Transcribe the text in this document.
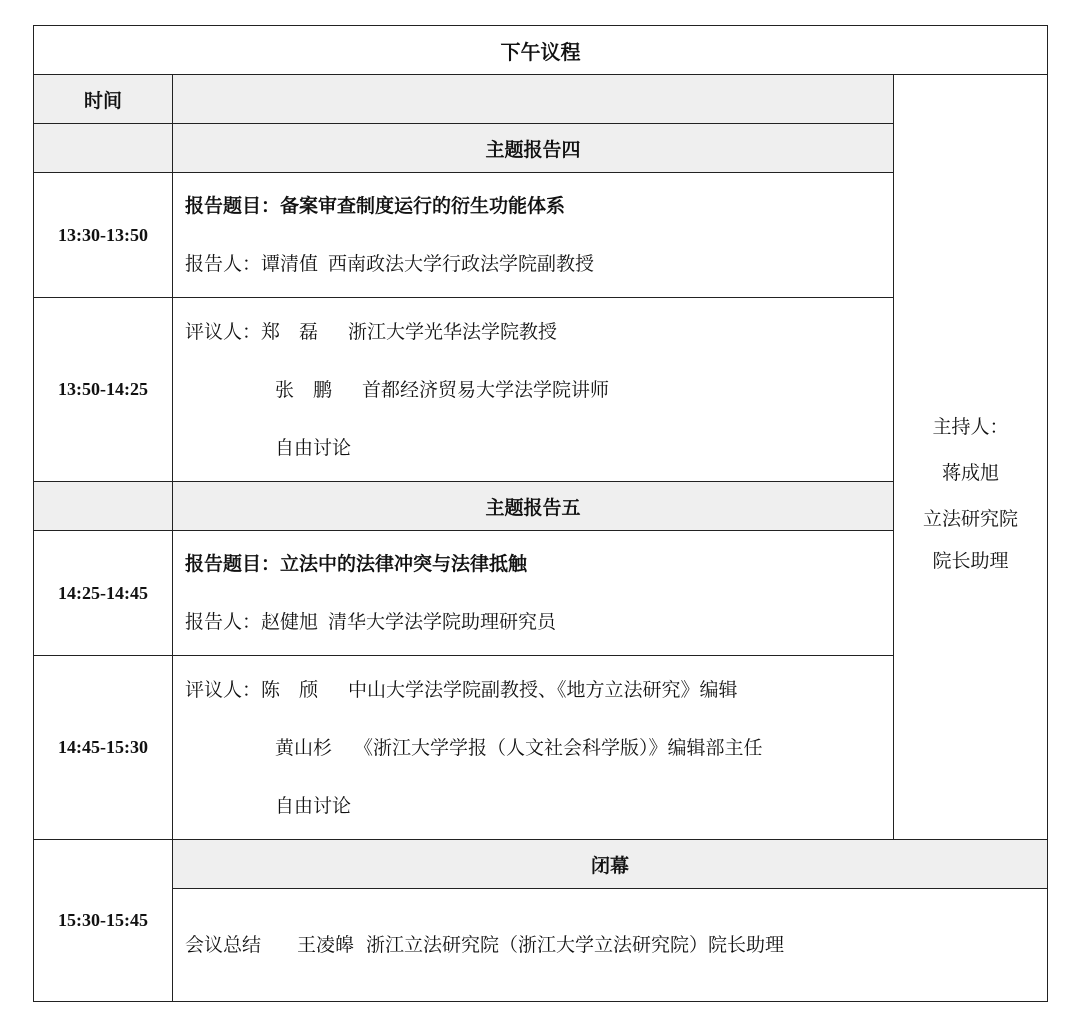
下午议程		
时间		主持人：
蒋成旭
立法研究院
院长助理

	主题报告四	
13:30-13:50	报告题目：备案审查制度运行的衍生功能体系
报告人：谭清值 西南政法大学行政法学院副教授	

13:50-14:25	评议人：郑　磊 浙江大学光华法学院教授
张　鹏 首都经济贸易大学法学院讲师
自由讨论	

	主题报告五	
14:25-14:45	报告题目：立法中的法律冲突与法律抵触
报告人：赵健旭 清华大学法学院助理研究员	

14:45-15:30	评议人：陈　颀 中山大学法学院副教授、《地方立法研究》编辑
黄山杉 《浙江大学学报（人文社会科学版）》编辑部主任
自由讨论	

15:30-15:45	闭幕	

	会议总结 王凌皞 浙江立法研究院（浙江大学立法研究院）院长助理	
